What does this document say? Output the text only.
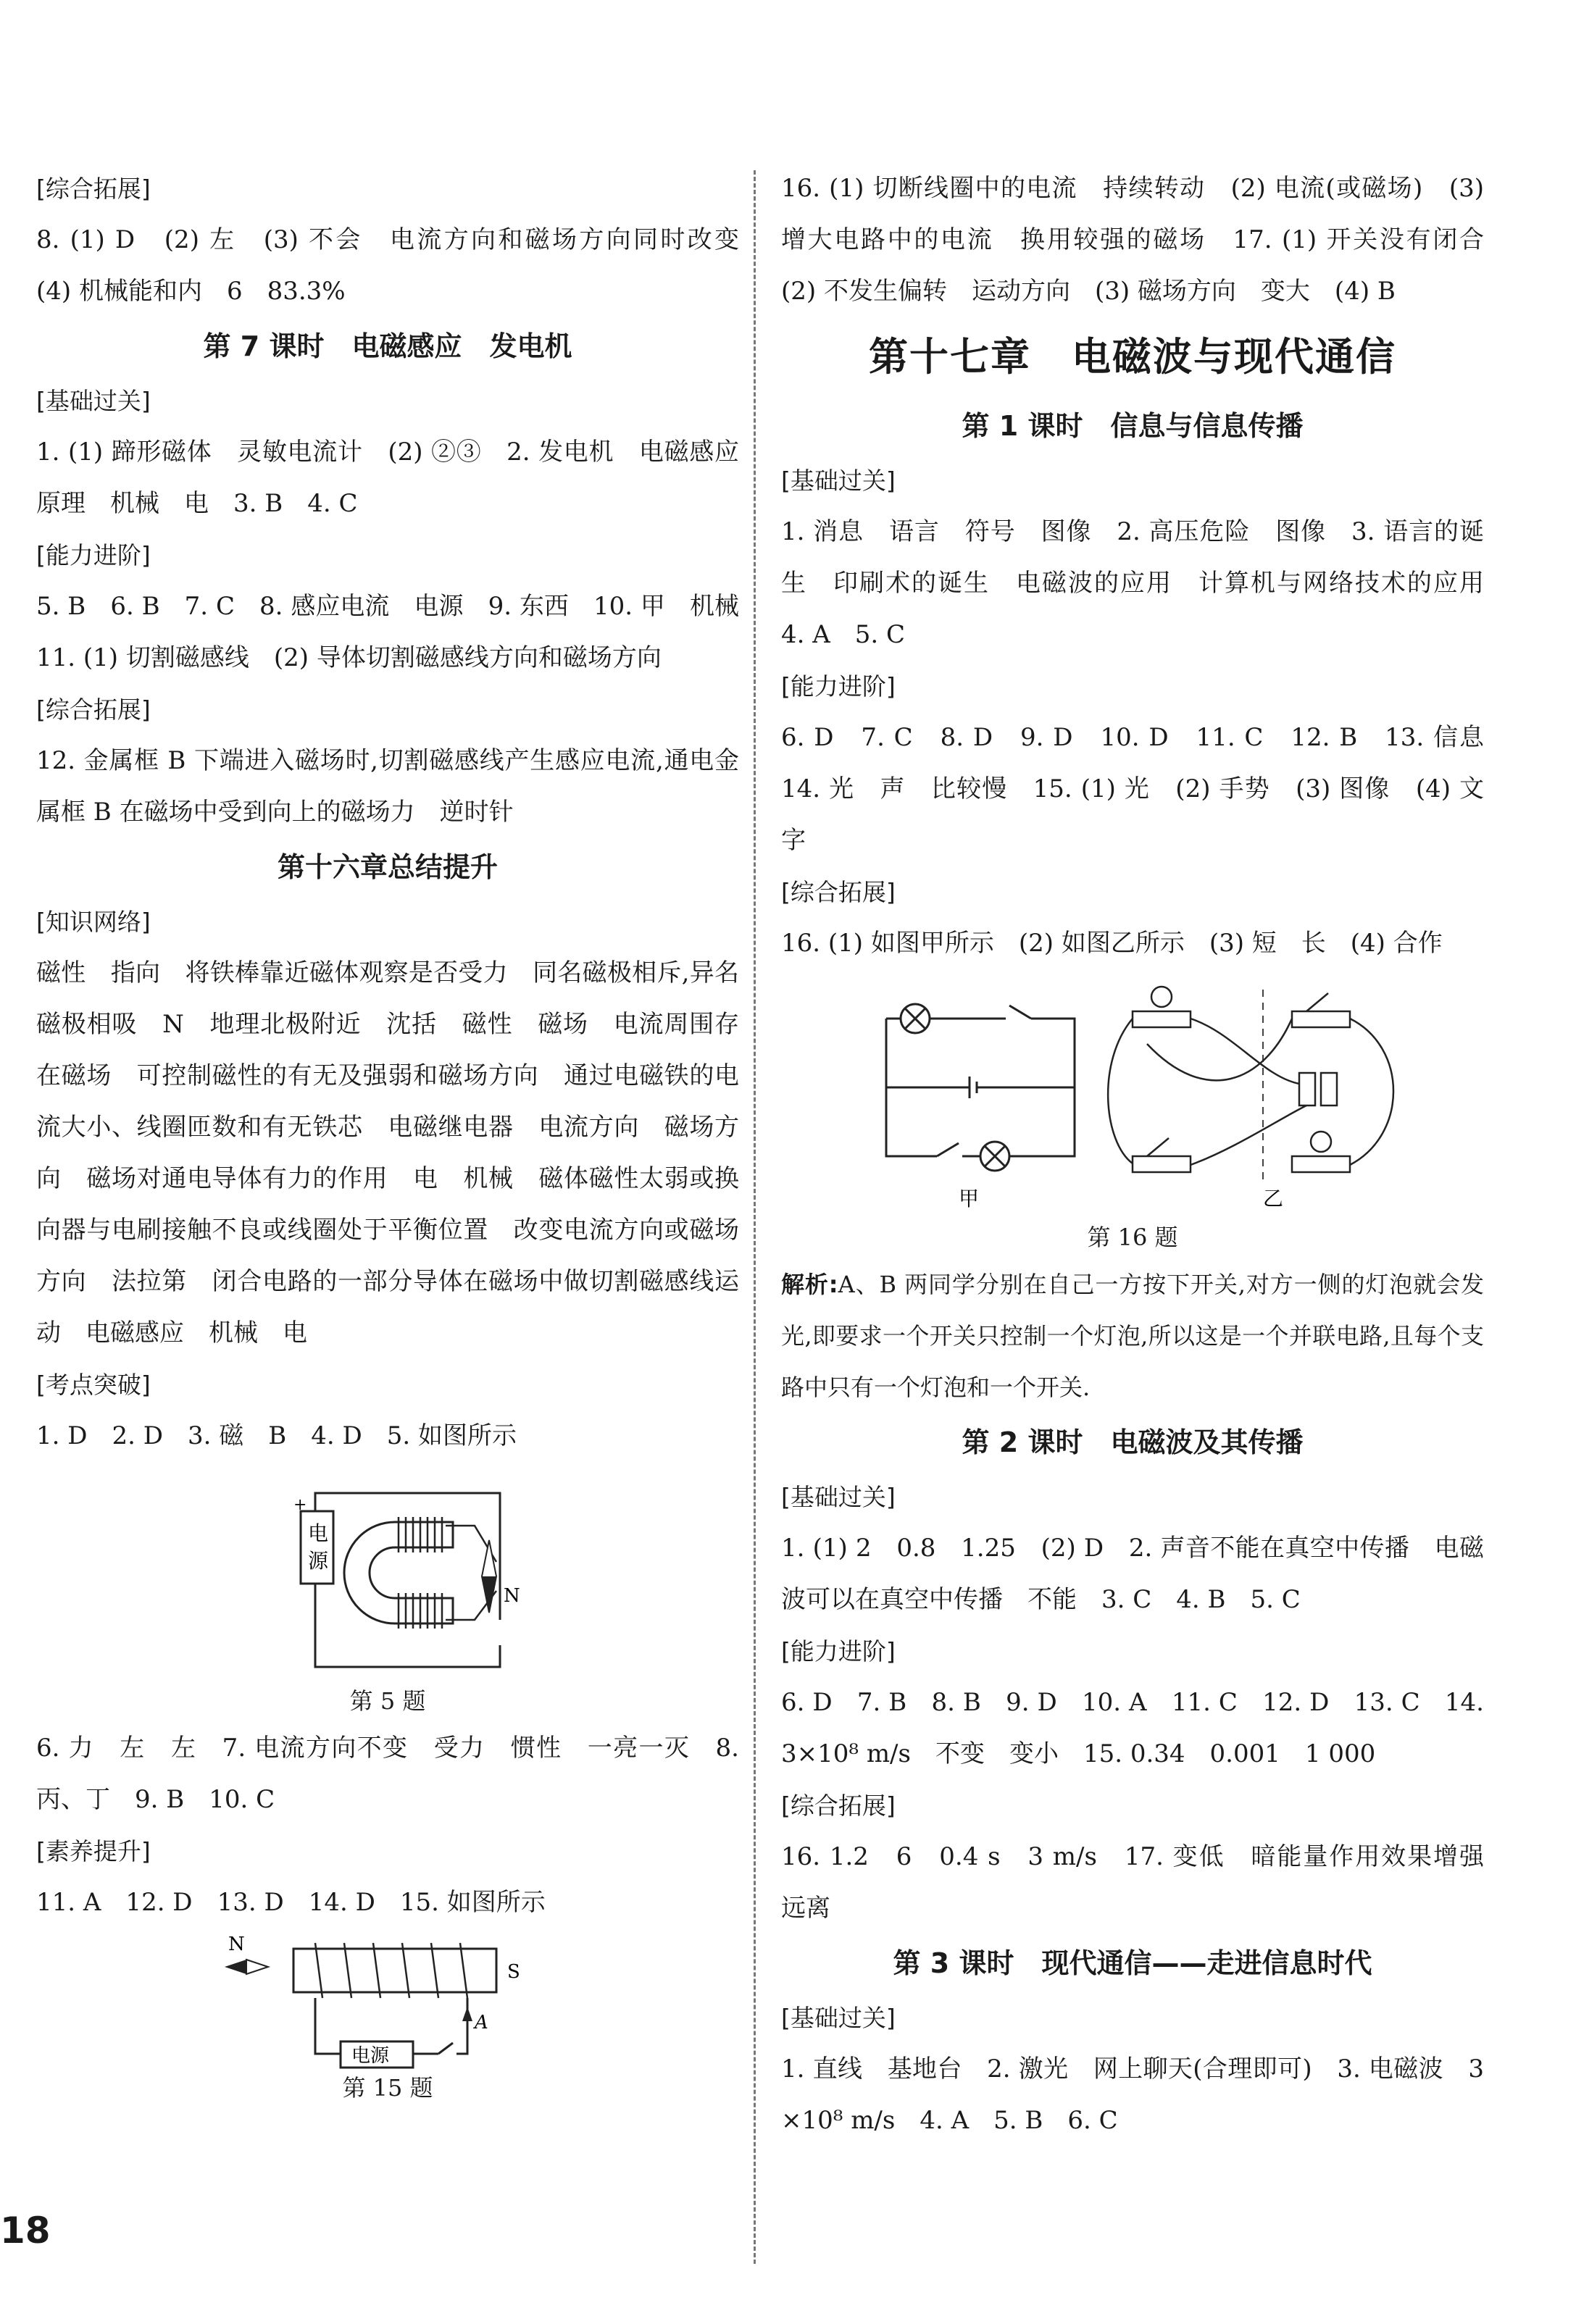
[综合拓展]

8. (1) D　(2) 左　(3) 不会　电流方向和磁场方向同时改变　(4) 机械能和内　6　83.3%

第 7 课时　电磁感应　发电机

[基础过关]

1. (1) 蹄形磁体　灵敏电流计　(2) ②③　2. 发电机　电磁感应原理　机械　电　3. B　4. C

[能力进阶]

5. B　6. B　7. C　8. 感应电流　电源　9. 东西　10. 甲　机械　11. (1) 切割磁感线　(2) 导体切割磁感线方向和磁场方向

[综合拓展]

12. 金属框 B 下端进入磁场时,切割磁感线产生感应电流,通电金属框 B 在磁场中受到向上的磁场力　逆时针

第十六章总结提升

[知识网络]

磁性　指向　将铁棒靠近磁体观察是否受力　同名磁极相斥,异名磁极相吸　N　地理北极附近　沈括　磁性　磁场　电流周围存在磁场　可控制磁性的有无及强弱和磁场方向　通过电磁铁的电流大小、线圈匝数和有无铁芯　电磁继电器　电流方向　磁场方向　磁场对通电导体有力的作用　电　机械　磁体磁性太弱或换向器与电刷接触不良或线圈处于平衡位置　改变电流方向或磁场方向　法拉第　闭合电路的一部分导体在磁场中做切割磁感线运动　电磁感应　机械　电

[考点突破]

1. D　2. D　3. 磁　B　4. D　5. 如图所示

+
电
源
N
第 5 题

6. 力　左　左　7. 电流方向不变　受力　惯性　一亮一灭　8. 丙、丁　9. B　10. C

[素养提升]

11. A　12. D　13. D　14. D　15. 如图所示

N
S
电源
A
第 15 题

16. (1) 切断线圈中的电流　持续转动　(2) 电流(或磁场)　(3) 增大电路中的电流　换用较强的磁场　17. (1) 开关没有闭合　(2) 不发生偏转　运动方向　(3) 磁场方向　变大　(4) B

第十七章　电磁波与现代通信

第 1 课时　信息与信息传播

[基础过关]

1. 消息　语言　符号　图像　2. 高压危险　图像　3. 语言的诞生　印刷术的诞生　电磁波的应用　计算机与网络技术的应用　4. A　5. C

[能力进阶]

6. D　7. C　8. D　9. D　10. D　11. C　12. B　13. 信息　14. 光　声　比较慢　15. (1) 光　(2) 手势　(3) 图像　(4) 文字

[综合拓展]

16. (1) 如图甲所示　(2) 如图乙所示　(3) 短　长　(4) 合作

甲	乙
第 16 题

解析:A、B 两同学分别在自己一方按下开关,对方一侧的灯泡就会发光,即要求一个开关只控制一个灯泡,所以这是一个并联电路,且每个支路中只有一个灯泡和一个开关.

第 2 课时　电磁波及其传播

[基础过关]

1. (1) 2　0.8　1.25　(2) D　2. 声音不能在真空中传播　电磁波可以在真空中传播　不能　3. C　4. B　5. C

[能力进阶]

6. D　7. B　8. B　9. D　10. A　11. C　12. D　13. C　14. 3×10⁸ m/s　不变　变小　15. 0.34　0.001　1 000

[综合拓展]

16. 1.2　6　0.4 s　3 m/s　17. 变低　暗能量作用效果增强　远离

第 3 课时　现代通信——走进信息时代

[基础过关]

1. 直线　基地台　2. 激光　网上聊天(合理即可)　3. 电磁波　3×10⁸ m/s　4. A　5. B　6. C

18
